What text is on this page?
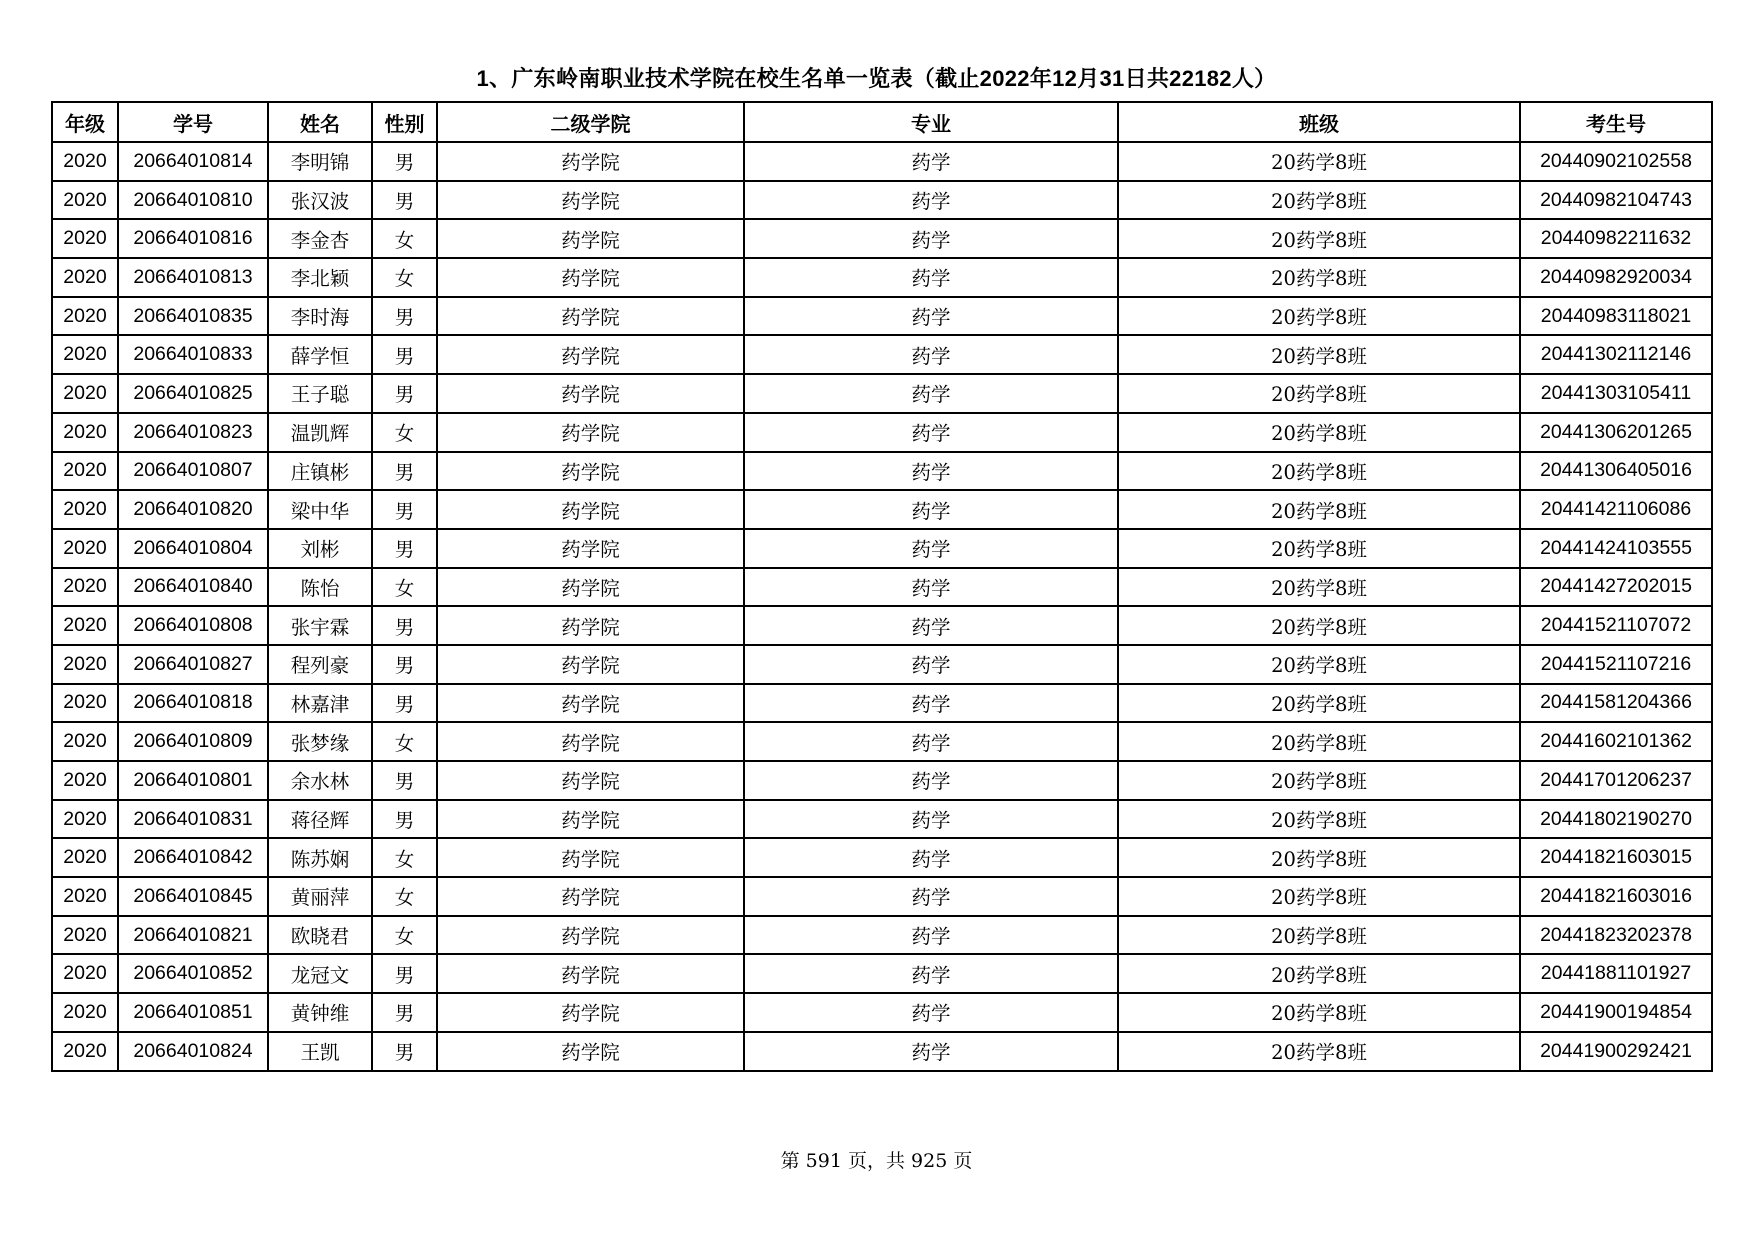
1、广东岭南职业技术学院在校生名单一览表（截止2022年12月31日共22182人）
年级	学号	姓名	性别	二级学院	专业	班级	考生号
2020	20664010814	李明锦	男	药学院	药学	20药学8班	20440902102558
2020	20664010810	张汉波	男	药学院	药学	20药学8班	20440982104743
2020	20664010816	李金杏	女	药学院	药学	20药学8班	20440982211632
2020	20664010813	李北颖	女	药学院	药学	20药学8班	20440982920034
2020	20664010835	李时海	男	药学院	药学	20药学8班	20440983118021
2020	20664010833	薛学恒	男	药学院	药学	20药学8班	20441302112146
2020	20664010825	王子聪	男	药学院	药学	20药学8班	20441303105411
2020	20664010823	温凯辉	女	药学院	药学	20药学8班	20441306201265
2020	20664010807	庄镇彬	男	药学院	药学	20药学8班	20441306405016
2020	20664010820	梁中华	男	药学院	药学	20药学8班	20441421106086
2020	20664010804	刘彬	男	药学院	药学	20药学8班	20441424103555
2020	20664010840	陈怡	女	药学院	药学	20药学8班	20441427202015
2020	20664010808	张宇霖	男	药学院	药学	20药学8班	20441521107072
2020	20664010827	程列豪	男	药学院	药学	20药学8班	20441521107216
2020	20664010818	林嘉津	男	药学院	药学	20药学8班	20441581204366
2020	20664010809	张梦缘	女	药学院	药学	20药学8班	20441602101362
2020	20664010801	余水林	男	药学院	药学	20药学8班	20441701206237
2020	20664010831	蒋径辉	男	药学院	药学	20药学8班	20441802190270
2020	20664010842	陈苏娴	女	药学院	药学	20药学8班	20441821603015
2020	20664010845	黄丽萍	女	药学院	药学	20药学8班	20441821603016
2020	20664010821	欧晓君	女	药学院	药学	20药学8班	20441823202378
2020	20664010852	龙冠文	男	药学院	药学	20药学8班	20441881101927
2020	20664010851	黄钟维	男	药学院	药学	20药学8班	20441900194854
2020	20664010824	王凯	男	药学院	药学	20药学8班	20441900292421
第 591 页，共 925 页
